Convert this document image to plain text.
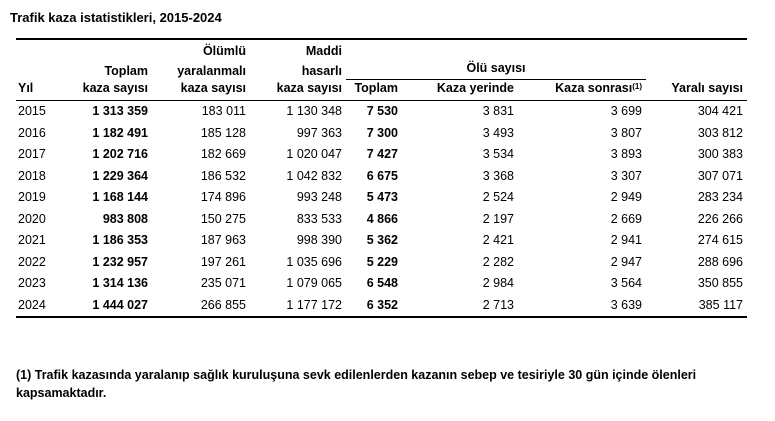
Trafik kaza istatistikleri, 2015-2024

		Ölümlü	Maddi				
	Toplam	yaralanmalı	hasarlı	Ölü sayısı			
Yıl	kaza sayısı	kaza sayısı	kaza sayısı	Toplam	Kaza yerinde	Kaza sonrası$^{(1)}$	Yaralı sayısı
2015	1 313 359	183 011	1 130 348	7 530	3 831	3 699	304 421
2016	1 182 491	185 128	997 363	7 300	3 493	3 807	303 812
2017	1 202 716	182 669	1 020 047	7 427	3 534	3 893	300 383
2018	1 229 364	186 532	1 042 832	6 675	3 368	3 307	307 071
2019	1 168 144	174 896	993 248	5 473	2 524	2 949	283 234
2020	983 808	150 275	833 533	4 866	2 197	2 669	226 266
2021	1 186 353	187 963	998 390	5 362	2 421	2 941	274 615
2022	1 232 957	197 261	1 035 696	5 229	2 282	2 947	288 696
2023	1 314 136	235 071	1 079 065	6 548	2 984	3 564	350 855
2024	1 444 027	266 855	1 177 172	6 352	2 713	3 639	385 117
(1) Trafik kazasında yaralanıp sağlık kuruluşuna sevk edilenlerden kazanın sebep ve tesiriyle 30 gün içinde ölenleri kapsamaktadır.
